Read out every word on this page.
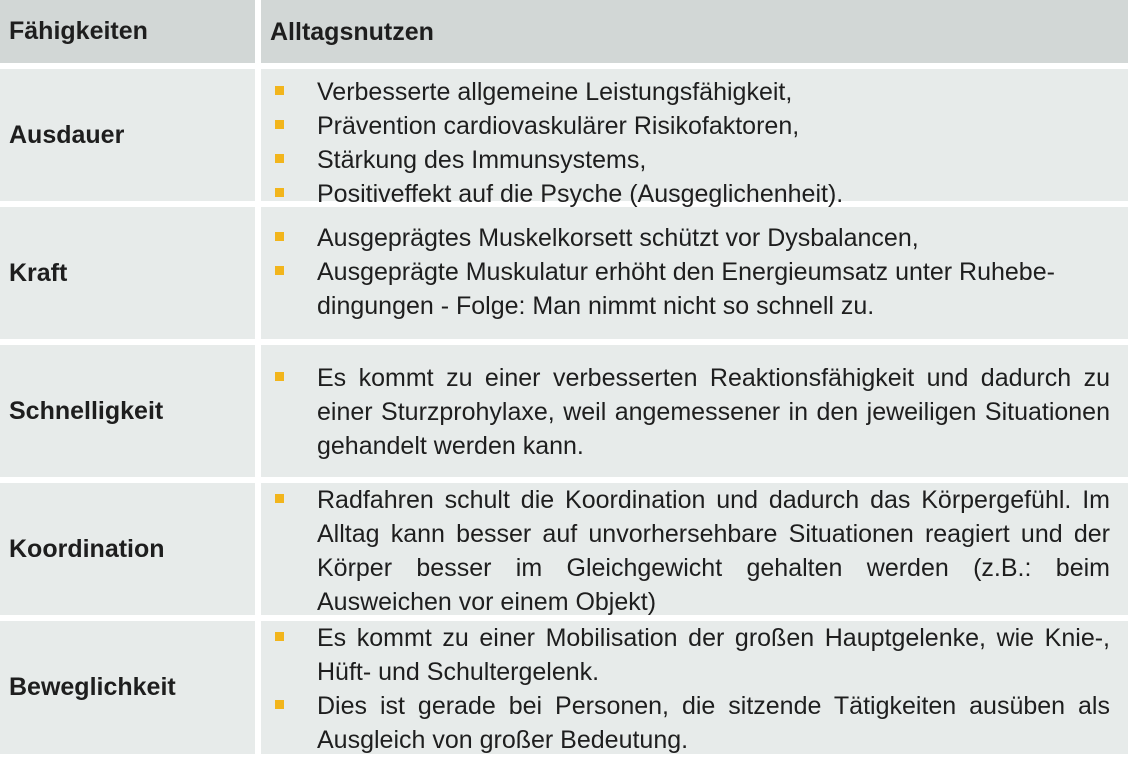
Fähigkeiten	Alltagsnutzen
Ausdauer
Verbesserte allgemeine Leistungsfähigkeit,
Prävention cardiovaskulärer Risikofaktoren,
Stärkung des Immunsystems,
Positiveffekt auf die Psyche (Ausgeglichenheit).
Kraft
Ausgeprägtes Muskelkorsett schützt vor Dysbalancen,
Ausgeprägte Muskulatur erhöht den Energieumsatz unter Ruhebe- dingungen - Folge: Man nimmt nicht so schnell zu.
Schnelligkeit
Es kommt zu einer verbesserten Reaktionsfähigkeit und dadurch zu einer Sturzprohylaxe, weil angemessener in den jeweiligen Situationen gehandelt werden kann.
Koordination
Radfahren schult die Koordination und dadurch das Körpergefühl. Im Alltag kann besser auf unvorhersehbare Situationen reagiert und der Körper besser im Gleichgewicht gehalten werden (z.B.: beim Ausweichen vor einem Objekt)
Beweglichkeit
Es kommt zu einer Mobilisation der großen Hauptgelenke, wie Knie-, Hüft- und Schultergelenk.
Dies ist gerade bei Personen, die sitzende Tätigkeiten ausüben als Ausgleich von großer Bedeutung.
